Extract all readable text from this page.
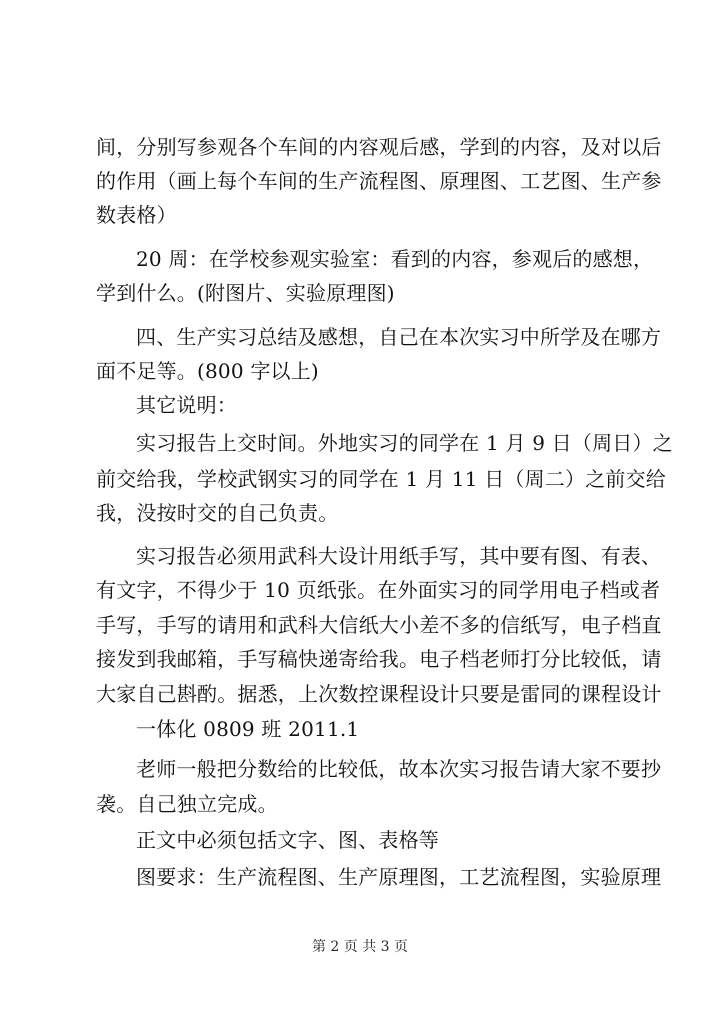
间，分别写参观各个车间的内容观后感，学到的内容，及对以后
的作用（画上每个车间的生产流程图、原理图、工艺图、生产参
数表格）
20 周：在学校参观实验室：看到的内容，参观后的感想，
学到什么。(附图片、实验原理图)
四、生产实习总结及感想，自己在本次实习中所学及在哪方
面不足等。(800 字以上)
其它说明：
实习报告上交时间。外地实习的同学在 1 月 9 日（周日）之
前交给我，学校武钢实习的同学在 1 月 11 日（周二）之前交给
我，没按时交的自己负责。
实习报告必须用武科大设计用纸手写，其中要有图、有表、
有文字，不得少于 10 页纸张。在外面实习的同学用电子档或者
手写，手写的请用和武科大信纸大小差不多的信纸写，电子档直
接发到我邮箱，手写稿快递寄给我。电子档老师打分比较低，请
大家自己斟酌。据悉，上次数控课程设计只要是雷同的课程设计
一体化 0809 班 2011.1
老师一般把分数给的比较低，故本次实习报告请大家不要抄
袭。自己独立完成。
正文中必须包括文字、图、表格等
图要求：生产流程图、生产原理图，工艺流程图，实验原理
第 2 页 共 3 页
